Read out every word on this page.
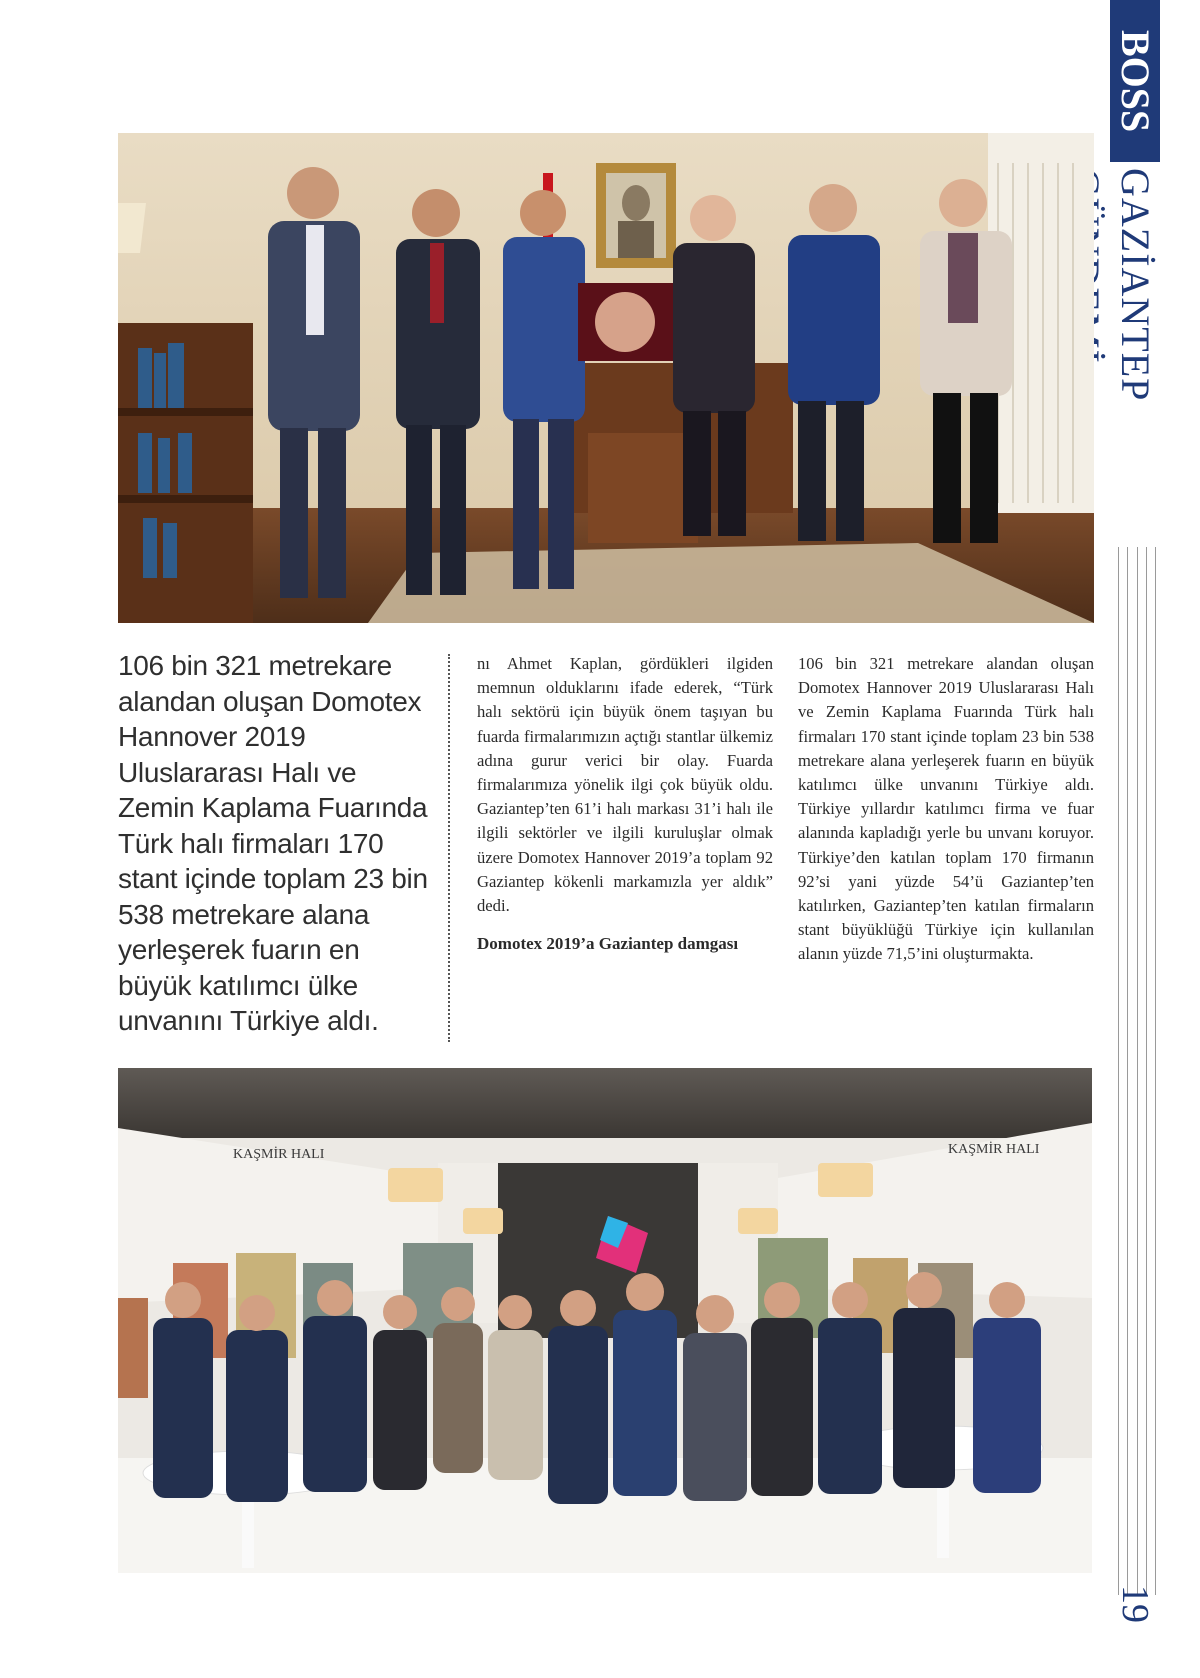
BOSS
GAZİANTEP
19
106 bin 321 metrekare alandan oluşan Domotex Hannover 2019 Uluslararası Halı ve Zemin Kaplama Fuarında Türk halı firmaları 170 stant içinde toplam 23 bin 538 metrekare alana yerleşerek fuarın en büyük katılımcı ülke unvanını Türkiye aldı.

nı Ahmet Kaplan, gördükleri ilgiden memnun olduklarını ifade ederek, “Türk halı sektörü için büyük önem taşıyan bu fuarda firmalarımızın açtığı stantlar ülkemiz adına gurur verici bir olay. Fuarda firmalarımıza yönelik ilgi çok büyük oldu. Gaziantep’ten 61’i halı markası 31’i halı ile ilgili sektörler ve ilgili kuruluşlar olmak üzere Domotex Hannover 2019’a toplam 92 Gaziantep kökenli markamızla yer aldık” dedi.

Domotex 2019’a Gaziantep damgası

106 bin 321 metrekare alandan oluşan Domotex Hannover 2019 Uluslararası Halı ve Zemin Kaplama Fuarında Türk halı firmaları 170 stant içinde toplam 23 bin 538 metrekare alana yerleşerek fuarın en büyük katılımcı ülke unvanını Türkiye aldı. Türkiye yıllardır katılımcı firma ve fuar alanında kapladığı yerle bu unvanı koruyor. Türkiye’den katılan toplam 170 firmanın 92’si yani yüzde 54’ü Gaziantep’ten katılırken, Gaziantep’ten katılan firmaların stant büyüklüğü Türkiye için kullanılan alanın yüzde 71,5’ini oluşturmakta.

KAŞMİR HALI	KAŞMİR HALI
